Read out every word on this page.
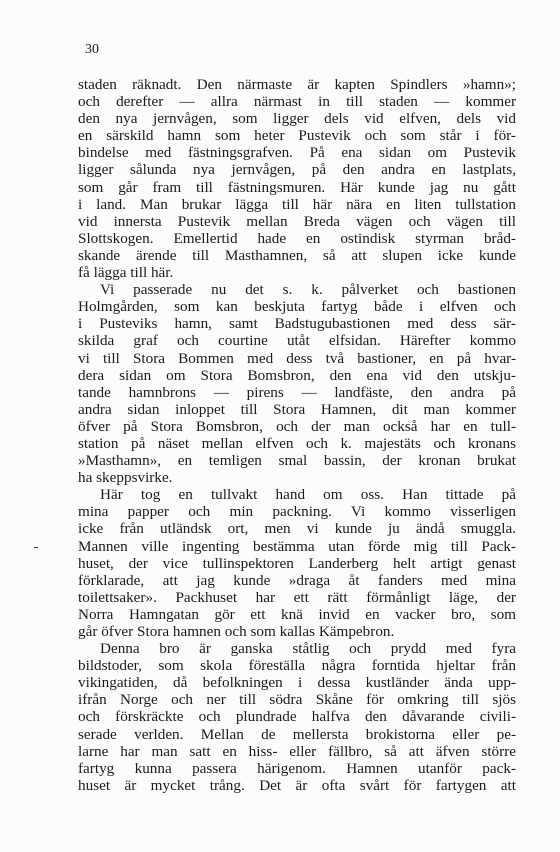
30
staden räknadt. Den närmaste är kapten Spindlers »hamn»;
och derefter — allra närmast in till staden — kommer
den nya jernvågen, som ligger dels vid elfven, dels vid
en särskild hamn som heter Pustevik och som står i för-
bindelse med fästningsgrafven. På ena sidan om Pustevik
ligger sålunda nya jernvågen, på den andra en lastplats,
som går fram till fästningsmuren. Här kunde jag nu gått
i land. Man brukar lägga till här nära en liten tullstation
vid innersta Pustevik mellan Breda vägen och vägen till
Slottskogen. Emellertid hade en ostindisk styrman bråd-
skande ärende till Masthamnen, så att slupen icke kunde
få lägga till här.
Vi passerade nu det s. k. pålverket och bastionen
Holmgården, som kan beskjuta fartyg både i elfven och
i Pusteviks hamn, samt Badstugubastionen med dess sär-
skilda graf och courtine utåt elfsidan. Härefter kommo
vi till Stora Bommen med dess två bastioner, en på hvar-
dera sidan om Stora Bomsbron, den ena vid den utskju-
tande hamnbrons — pirens — landfäste, den andra på
andra sidan inloppet till Stora Hamnen, dit man kommer
öfver på Stora Bomsbron, och der man också har en tull-
station på näset mellan elfven och k. majestäts och kronans
»Masthamn», en temligen smal bassin, der kronan brukat
ha skeppsvirke.
Här tog en tullvakt hand om oss. Han tittade på
mina papper och min packning. Vi kommo visserligen
icke från utländsk ort, men vi kunde ju ändå smuggla.
Mannen ville ingenting bestämma utan förde mig till Pack-
huset, der vice tullinspektoren Landerberg helt artigt genast
förklarade, att jag kunde »draga åt fanders med mina
toilettsaker». Packhuset har ett rätt förmånligt läge, der
Norra Hamngatan gör ett knä invid en vacker bro, som
går öfver Stora hamnen och som kallas Kämpebron.
Denna bro är ganska ståtlig och prydd med fyra
bildstoder, som skola föreställa några forntida hjeltar från
vikingatiden, då befolkningen i dessa kustländer ända upp-
ifrån Norge och ner till södra Skåne för omkring till sjös
och förskräckte och plundrade halfva den dåvarande civili-
serade verlden. Mellan de mellersta brokistorna eller pe-
larne har man satt en hiss- eller fällbro, så att äfven större
fartyg kunna passera härigenom. Hamnen utanför pack-
huset är mycket trång. Det är ofta svårt för fartygen att
